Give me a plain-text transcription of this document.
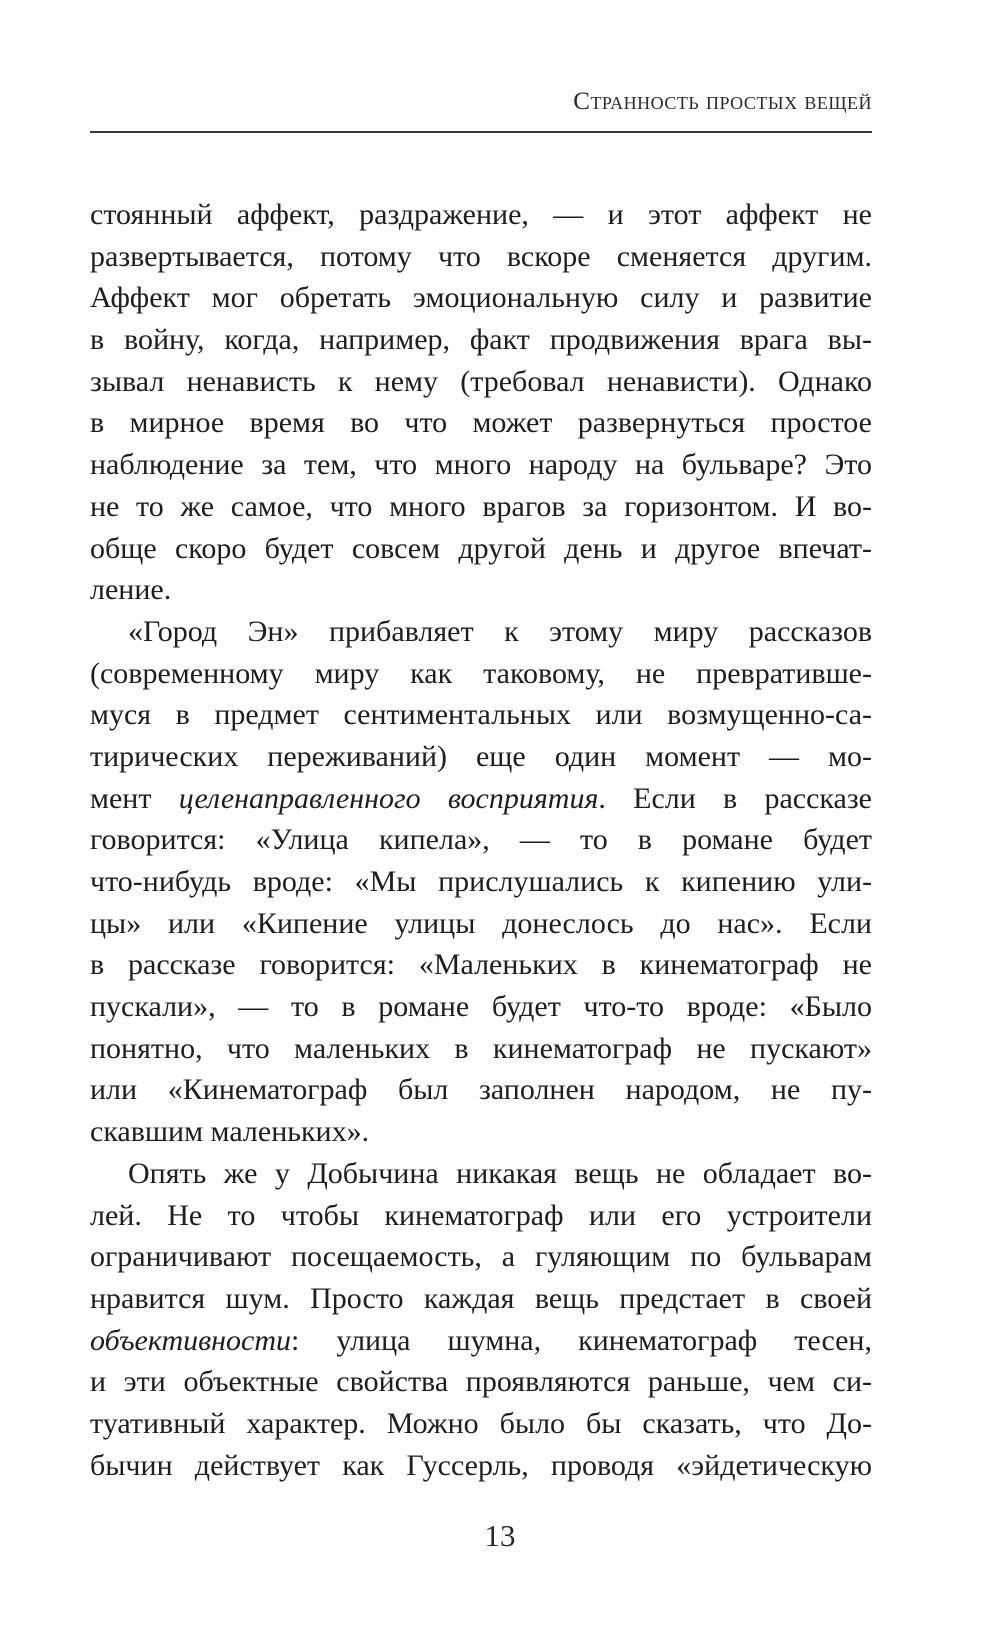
Странность простых вещей
стоянный аффект, раздражение, — и этот аффект не
развертывается, потому что вскоре сменяется другим.
Аффект мог обретать эмоциональную силу и развитие
в войну, когда, например, факт продвижения врага вы-
зывал ненависть к нему (требовал ненависти). Однако
в мирное время во что может развернуться простое
наблюдение за тем, что много народу на бульваре? Это
не то же самое, что много врагов за горизонтом. И во-
обще скоро будет совсем другой день и другое впечат-
ление.
«Город Эн» прибавляет к этому миру рассказов
(современному миру как таковому, не превративше-
муся в предмет сентиментальных или возмущенно-са-
тирических переживаний) еще один момент — мо-
мент целенаправленного восприятия. Если в рассказе
говорится: «Улица кипела», — то в романе будет
что-нибудь вроде: «Мы прислушались к кипению ули-
цы» или «Кипение улицы донеслось до нас». Если
в рассказе говорится: «Маленьких в кинематограф не
пускали», — то в романе будет что-то вроде: «Было
понятно, что маленьких в кинематограф не пускают»
или «Кинематограф был заполнен народом, не пу-
скавшим маленьких».
Опять же у Добычина никакая вещь не обладает во-
лей. Не то чтобы кинематограф или его устроители
ограничивают посещаемость, а гуляющим по бульварам
нравится шум. Просто каждая вещь предстает в своей
объективности: улица шумна, кинематограф тесен,
и эти объектные свойства проявляются раньше, чем си-
туативный характер. Можно было бы сказать, что До-
бычин действует как Гуссерль, проводя «эйдетическую
13
